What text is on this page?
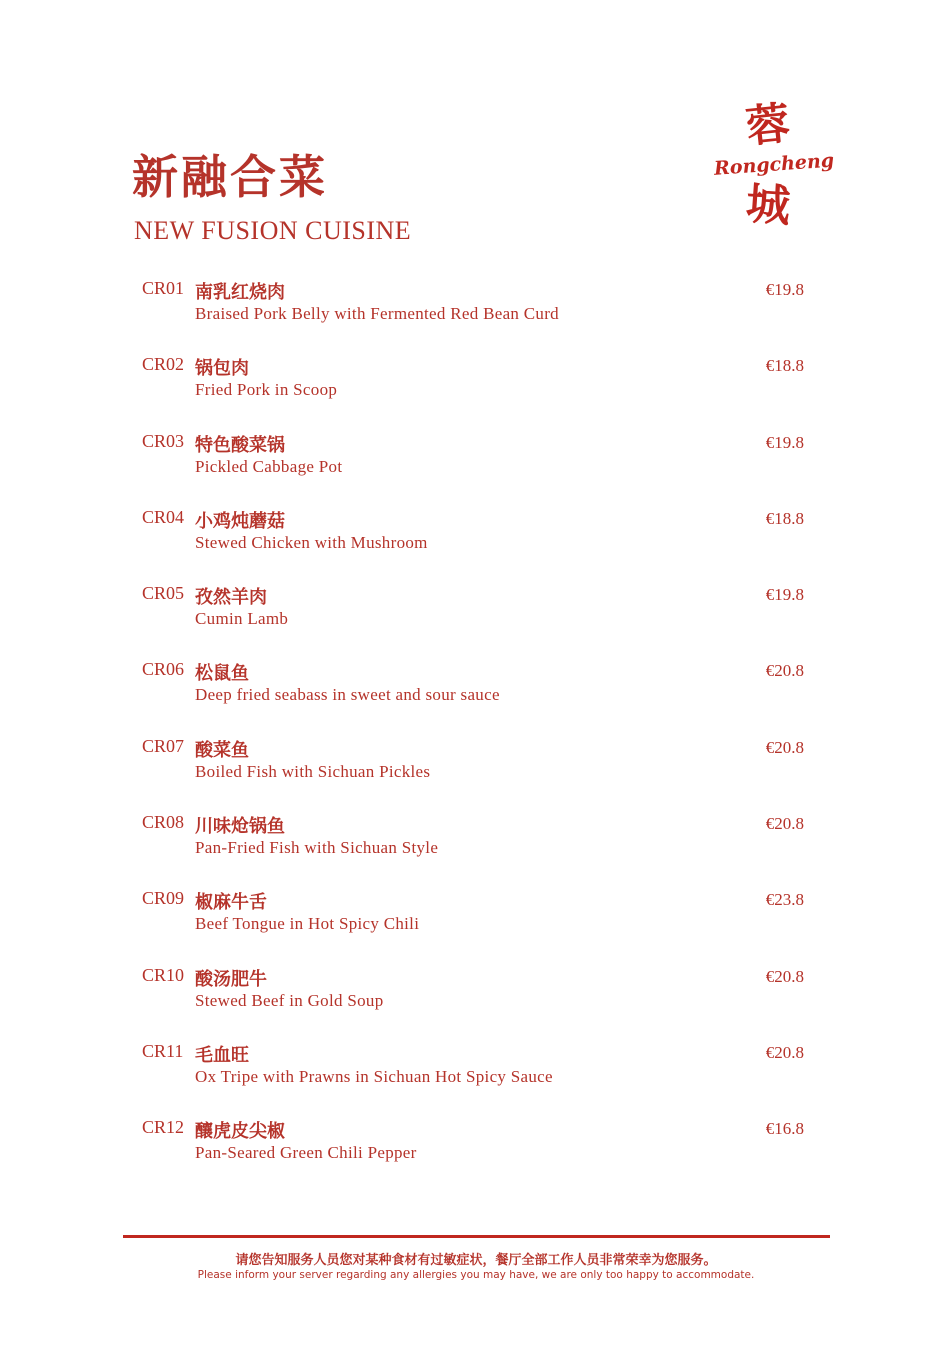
新融合菜
NEW FUSION CUISINE
蓉
Rongcheng
城
CR01 南乳红烧肉
Braised Pork Belly with Fermented Red Bean Curd
€19.8
CR02 锅包肉
Fried Pork in Scoop
€18.8
CR03 特色酸菜锅
Pickled Cabbage Pot
€19.8
CR04 小鸡炖蘑菇
Stewed Chicken with Mushroom
€18.8
CR05 孜然羊肉
Cumin Lamb
€19.8
CR06 松鼠鱼
Deep fried seabass in sweet and sour sauce
€20.8
CR07 酸菜鱼
Boiled Fish with Sichuan Pickles
€20.8
CR08 川味炝锅鱼
Pan-Fried Fish with Sichuan Style
€20.8
CR09 椒麻牛舌
Beef Tongue in Hot Spicy Chili
€23.8
CR10 酸汤肥牛
Stewed Beef in Gold Soup
€20.8
CR11 毛血旺
Ox Tripe with Prawns in Sichuan Hot Spicy Sauce
€20.8
CR12 釀虎皮尖椒
Pan-Seared Green Chili Pepper
€16.8
请您告知服务人员您对某种食材有过敏症状，餐厅全部工作人员非常荣幸为您服务。
Please inform your server regarding any allergies you may have, we are only too happy to accommodate.
